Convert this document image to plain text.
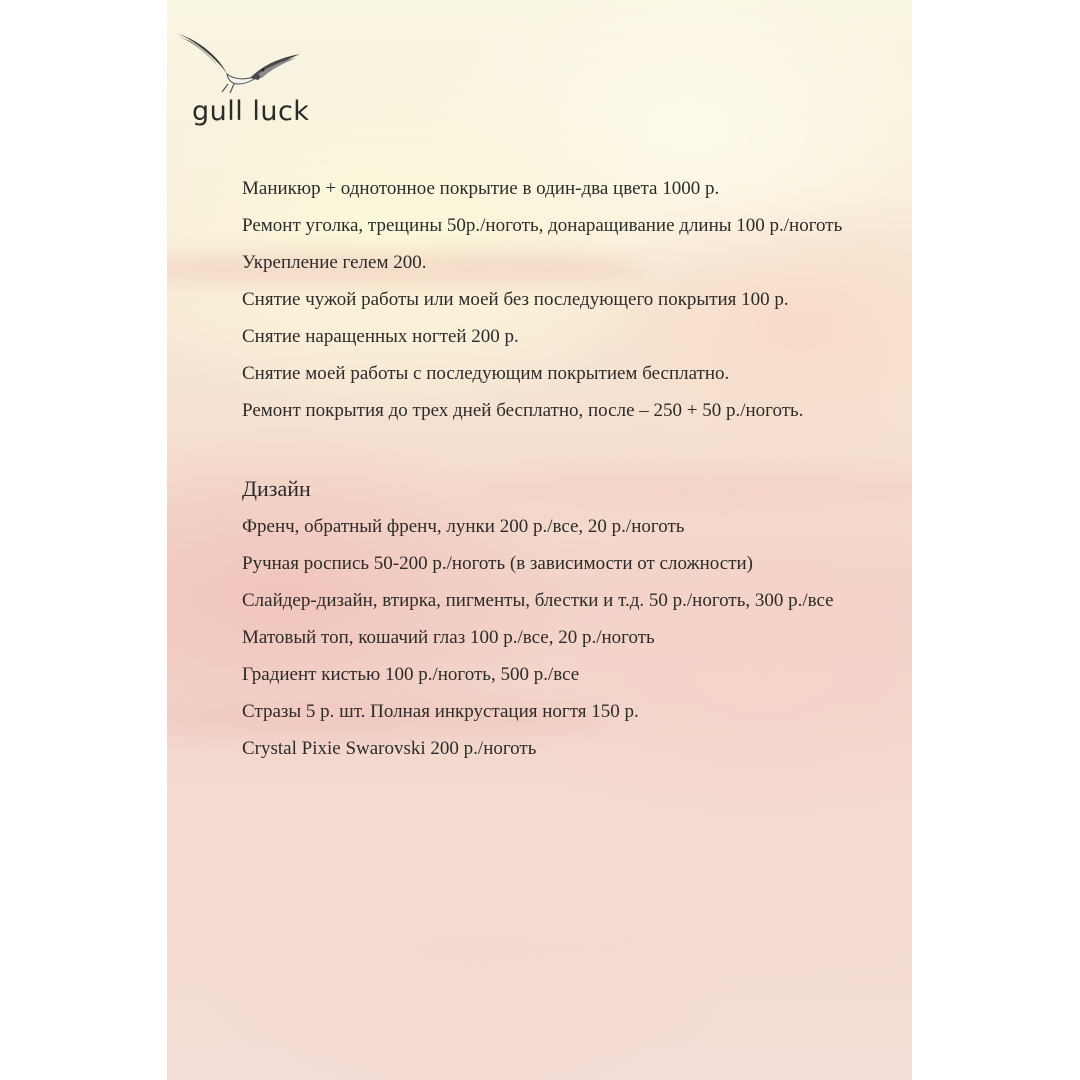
gull luck
Маникюр + однотонное покрытие в один-два цвета 1000 р.
Ремонт уголка, трещины 50р./ноготь, донаращивание длины 100 р./ноготь
Укрепление гелем 200.
Снятие чужой работы или моей без последующего покрытия 100 р.
Снятие наращенных ногтей 200 р.
Снятие моей работы с последующим покрытием бесплатно.
Ремонт покрытия до трех дней бесплатно, после – 250 + 50 р./ноготь.
Дизайн
Френч, обратный френч, лунки 200 р./все, 20 р./ноготь
Ручная роспись 50-200 р./ноготь (в зависимости от сложности)
Слайдер-дизайн, втирка, пигменты, блестки и т.д. 50 р./ноготь, 300 р./все
Матовый топ, кошачий глаз 100 р./все, 20 р./ноготь
Градиент кистью 100 р./ноготь, 500 р./все
Стразы 5 р. шт. Полная инкрустация ногтя 150 р.
Crystal Pixie Swarovski 200 р./ноготь
